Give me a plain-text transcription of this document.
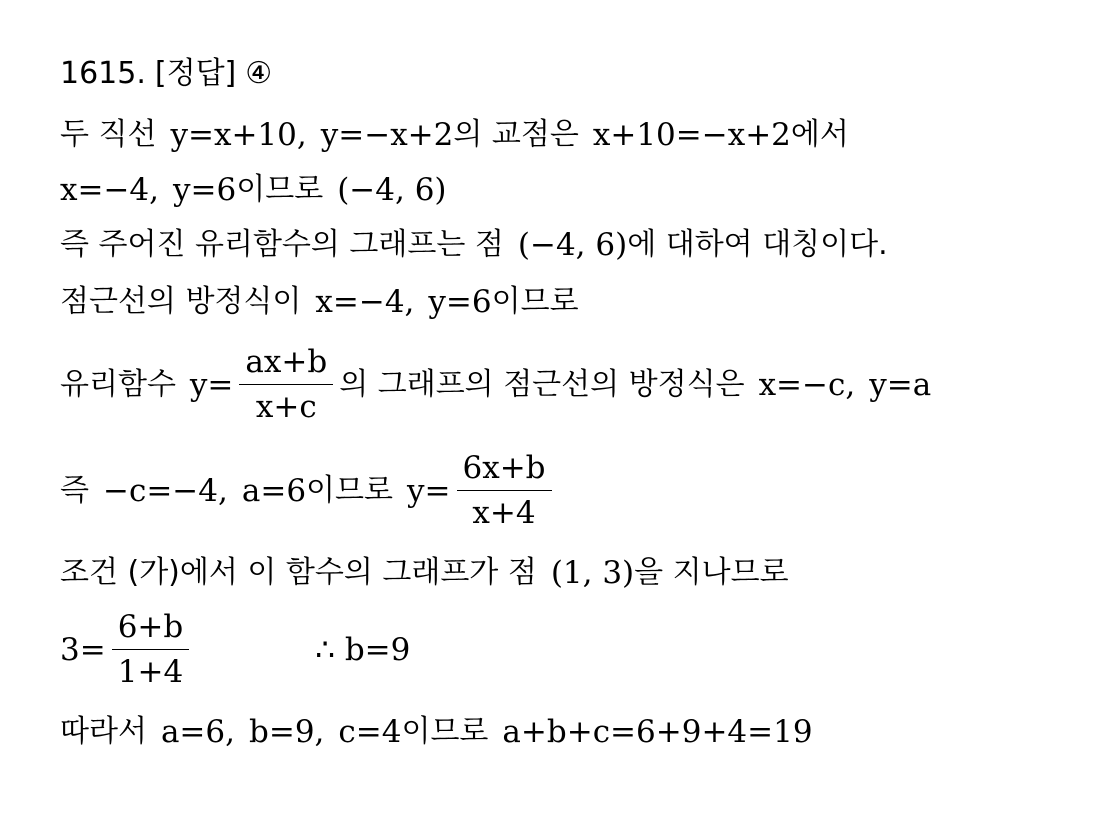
1615. [정답] ④
두 직선 y=x+10, y=−x+2 의 교점은 x+10=−x+2 에서
x=−4, y=6 이므로 (−4, 6)
즉 주어진 유리함수의 그래프는 점 (−4, 6) 에 대하여 대칭이다.
점근선의 방정식이 x=−4, y=6 이므로
유리함수 $y= \frac{ax+b}{x+c}$ 의 그래프의 점근선의 방정식은 x=−c, y=a
즉 −c=−4, a=6 이므로 $y= \frac{6x+b}{x+4}$
조건 (가)에서 이 함수의 그래프가 점 (1, 3) 을 지나므로
$3= \frac{6+b}{1+4}$	∴ b=9
따라서 a=6, b=9, c=4 이므로 a+b+c=6+9+4=19
